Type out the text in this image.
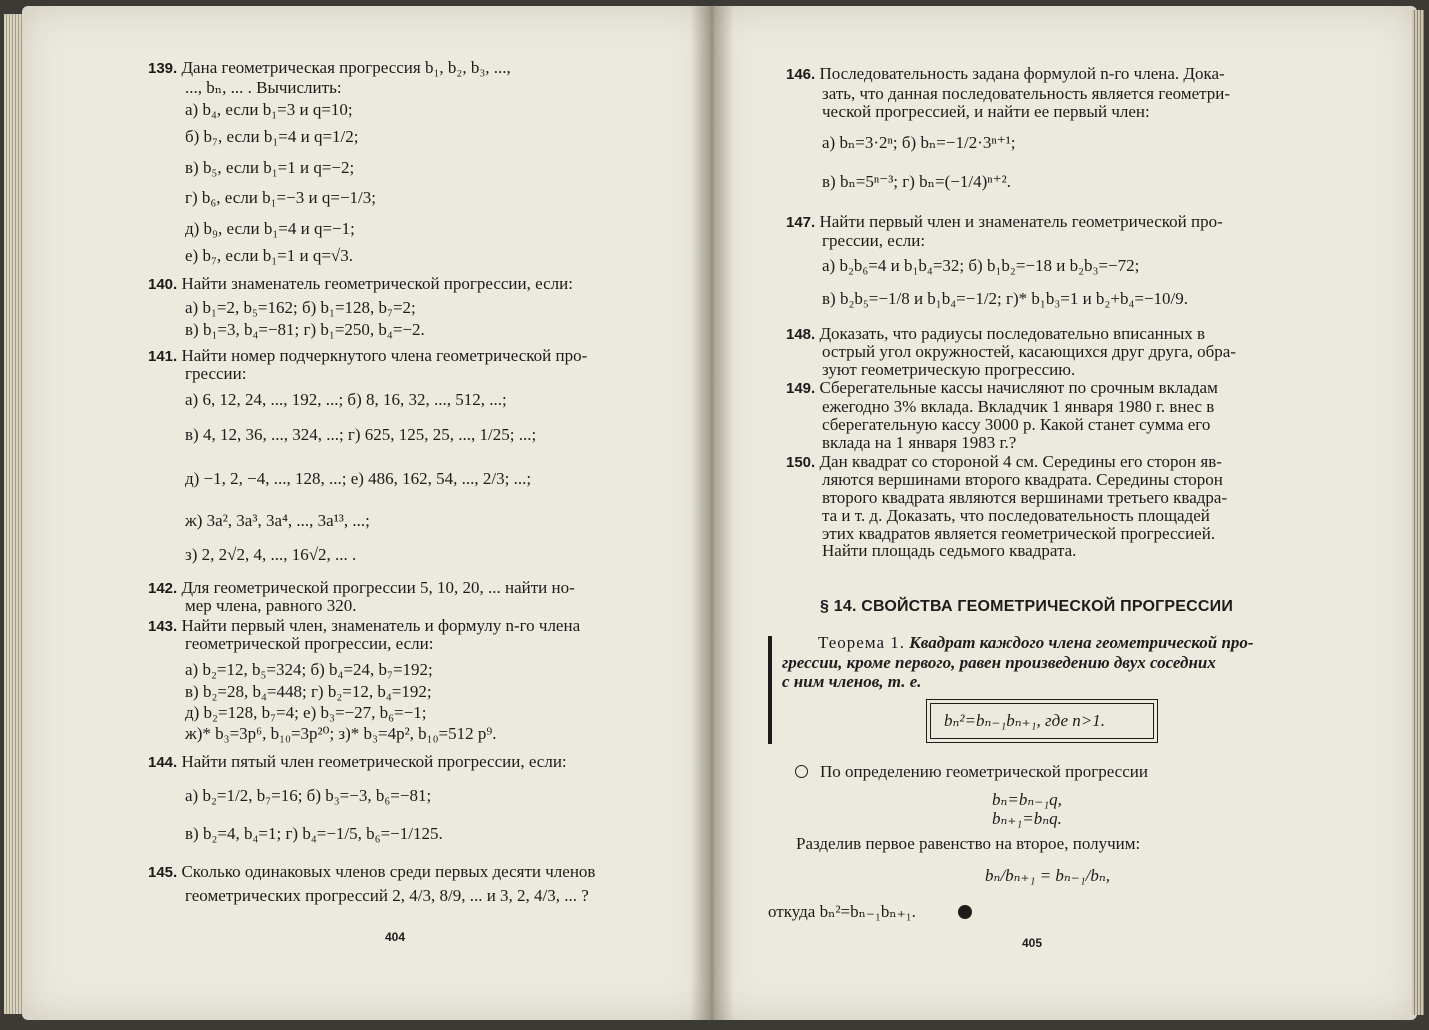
139. Дана геометрическая прогрессия b₁, b₂, b₃, ...,
..., bₙ, ... . Вычислить:
а) b₄, если b₁=3 и q=10;
б) b₇, если b₁=4 и q=1/2;
в) b₅, если b₁=1 и q=−2;
г) b₆, если b₁=−3 и q=−1/3;
д) b₉, если b₁=4 и q=−1;
е) b₇, если b₁=1 и q=√3.
140. Найти знаменатель геометрической прогрессии, если:
а) b₁=2, b₅=162; б) b₁=128, b₇=2;
в) b₁=3, b₄=−81; г) b₁=250, b₄=−2.
141. Найти номер подчеркнутого члена геометрической про-
грессии:
а) 6, 12, 24, ..., 192, ...; б) 8, 16, 32, ..., 512, ...;
в) 4, 12, 36, ..., 324, ...; г) 625, 125, 25, ..., 1/25; ...;
д) −1, 2, −4, ..., 128, ...; е) 486, 162, 54, ..., 2/3; ...;
ж) 3a², 3a³, 3a⁴, ..., 3a¹³, ...;
з) 2, 2√2, 4, ..., 16√2, ... .
142. Для геометрической прогрессии 5, 10, 20, ... найти но-
мер члена, равного 320.
143. Найти первый член, знаменатель и формулу n-го члена
геометрической прогрессии, если:
а) b₂=12, b₅=324; б) b₄=24, b₇=192;
в) b₂=28, b₄=448; г) b₂=12, b₄=192;
д) b₂=128, b₇=4; е) b₃=−27, b₆=−1;
ж)* b₃=3p⁶, b₁₀=3p²⁰; з)* b₃=4p², b₁₀=512 p⁹.
144. Найти пятый член геометрической прогрессии, если:
а) b₂=1/2, b₇=16; б) b₃=−3, b₆=−81;
в) b₂=4, b₄=1; г) b₄=−1/5, b₆=−1/125.
145. Сколько одинаковых членов среди первых десяти членов
геометрических прогрессий 2, 4/3, 8/9, ... и 3, 2, 4/3, ... ?
404
146. Последовательность задана формулой n-го члена. Дока-
зать, что данная последовательность является геометри-
ческой прогрессией, и найти ее первый член:
а) bₙ=3·2ⁿ; б) bₙ=−1/2·3ⁿ⁺¹;
в) bₙ=5ⁿ⁻³; г) bₙ=(−1/4)ⁿ⁺².
147. Найти первый член и знаменатель геометрической про-
грессии, если:
а) b₂b₆=4 и b₁b₄=32; б) b₁b₂=−18 и b₂b₃=−72;
в) b₂b₅=−1/8 и b₁b₄=−1/2; г)* b₁b₃=1 и b₂+b₄=−10/9.
148. Доказать, что радиусы последовательно вписанных в
острый угол окружностей, касающихся друг друга, обра-
зуют геометрическую прогрессию.
149. Сберегательные кассы начисляют по срочным вкладам
ежегодно 3% вклада. Вкладчик 1 января 1980 г. внес в
сберегательную кассу 3000 р. Какой станет сумма его
вклада на 1 января 1983 г.?
150. Дан квадрат со стороной 4 см. Середины его сторон яв-
ляются вершинами второго квадрата. Середины сторон
второго квадрата являются вершинами третьего квадра-
та и т. д. Доказать, что последовательность площадей
этих квадратов является геометрической прогрессией.
Найти площадь седьмого квадрата.
§ 14. СВОЙСТВА ГЕОМЕТРИЧЕСКОЙ ПРОГРЕССИИ
Теорема 1. Квадрат каждого члена геометрической про-
грессии, кроме первого, равен произведению двух соседних
с ним членов, т. е.
bₙ²=bₙ₋₁bₙ₊₁, где n>1.
По определению геометрической прогрессии
bₙ=bₙ₋₁q,
bₙ₊₁=bₙq.
Разделив первое равенство на второе, получим:
bₙ/bₙ₊₁ = bₙ₋₁/bₙ,
откуда bₙ²=bₙ₋₁bₙ₊₁.
405
